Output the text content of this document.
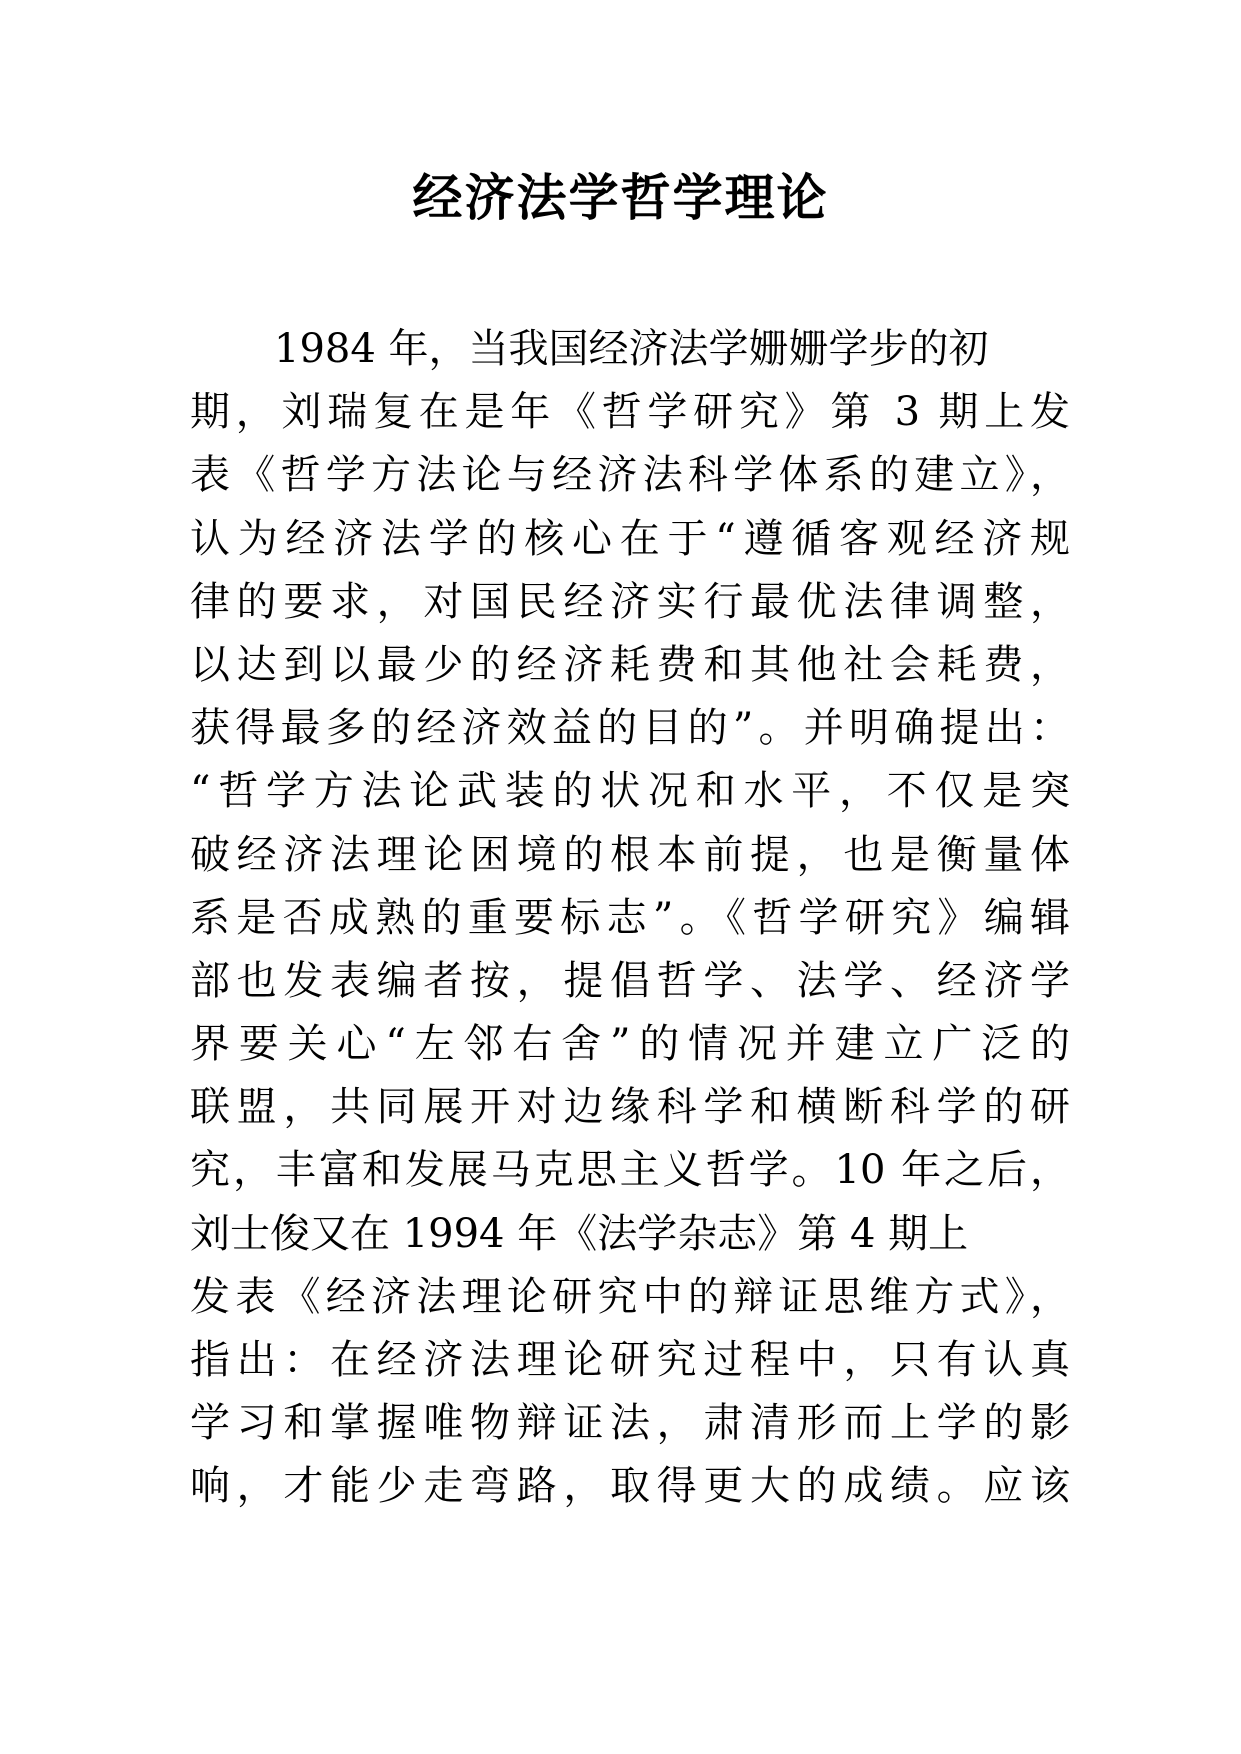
经济法学哲学理论
1984 年，当我国经济法学姗姗学步的初
期，刘瑞复在是年《哲学研究》第 3 期上发
表《哲学方法论与经济法科学体系的建立》，
认为经济法学的核心在于“遵循客观经济规
律的要求，对国民经济实行最优法律调整，
以达到以最少的经济耗费和其他社会耗费，
获得最多的经济效益的目的”。并明确提出：
“哲学方法论武装的状况和水平，不仅是突
破经济法理论困境的根本前提，也是衡量体
系是否成熟的重要标志”。《哲学研究》编辑
部也发表编者按，提倡哲学、法学、经济学
界要关心“左邻右舍”的情况并建立广泛的
联盟，共同展开对边缘科学和横断科学的研
究，丰富和发展马克思主义哲学。10 年之后，
刘士俊又在 1994 年《法学杂志》第 4 期上
发表《经济法理论研究中的辩证思维方式》，
指出：在经济法理论研究过程中，只有认真
学习和掌握唯物辩证法，肃清形而上学的影
响，才能少走弯路，取得更大的成绩。应该
